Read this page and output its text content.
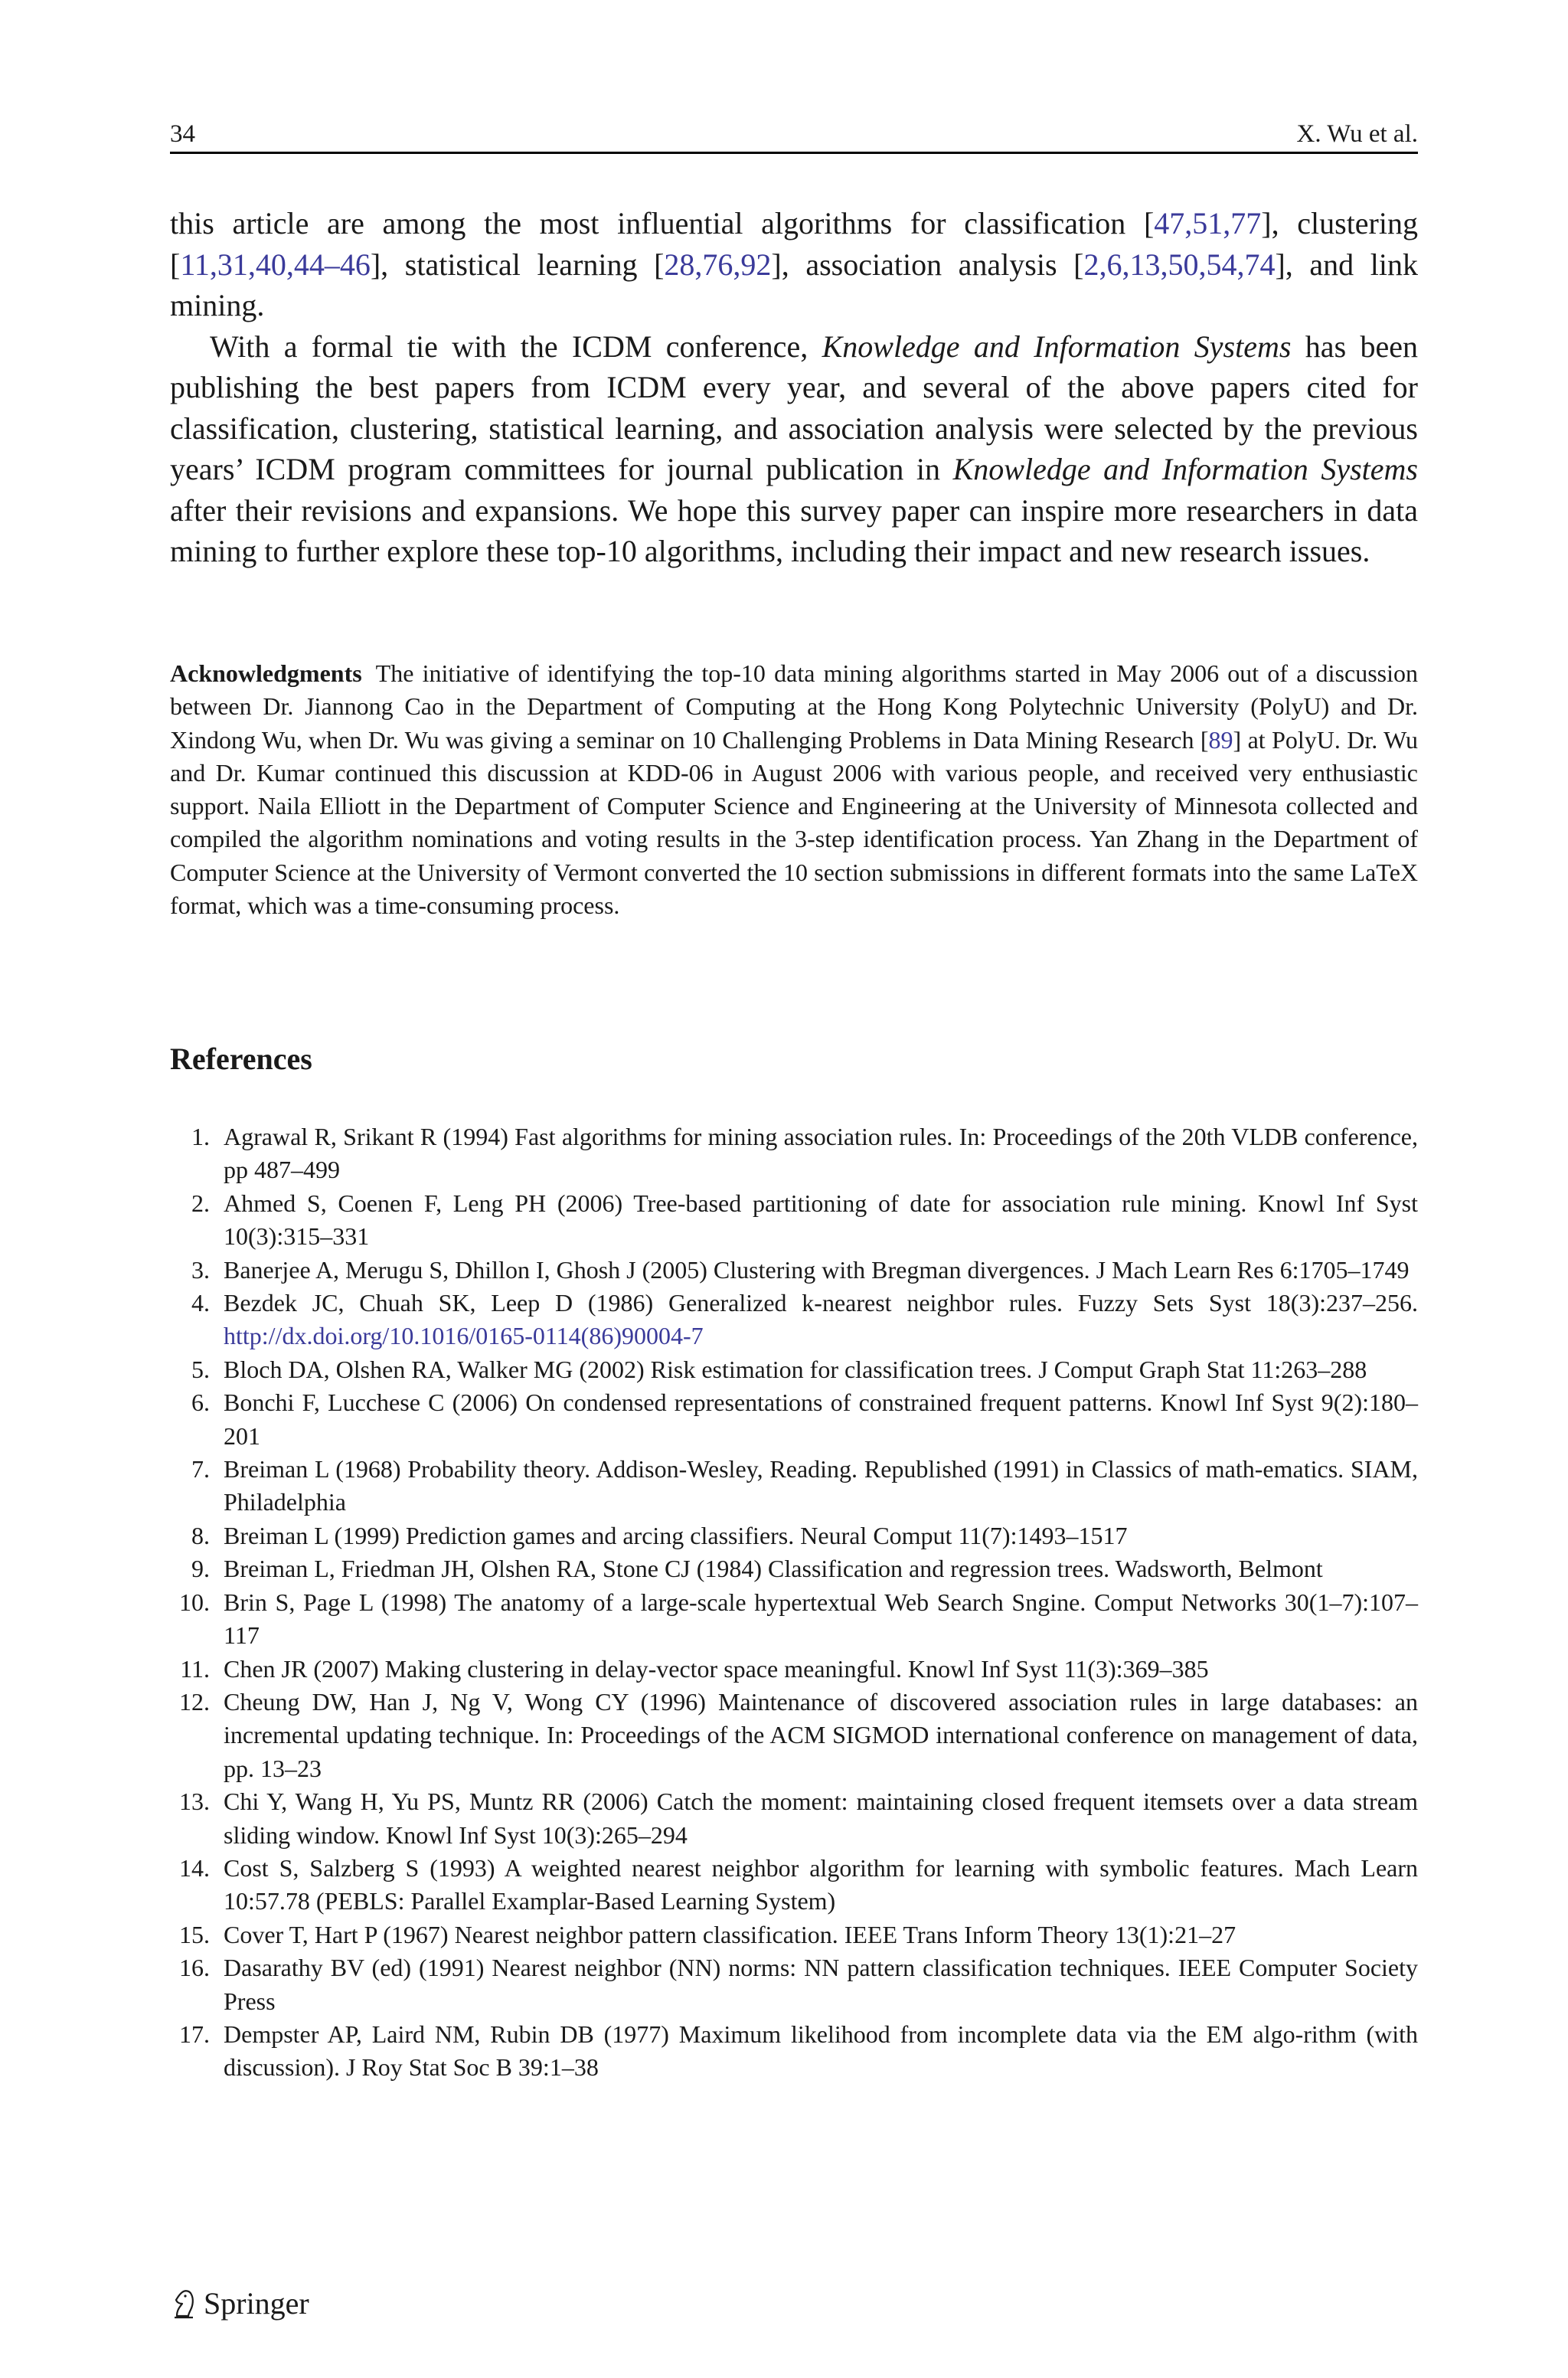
34	X. Wu et al.

this article are among the most influential algorithms for classification [47,51,77], clustering [11,31,40,44–46], statistical learning [28,76,92], association analysis [2,6,13,50,54,74], and link mining.

With a formal tie with the ICDM conference, Knowledge and Information Systems has been publishing the best papers from ICDM every year, and several of the above papers cited for classification, clustering, statistical learning, and association analysis were selected by the previous years’ ICDM program committees for journal publication in Knowledge and Information Systems after their revisions and expansions. We hope this survey paper can inspire more researchers in data mining to further explore these top-10 algorithms, including their impact and new research issues.

Acknowledgments The initiative of identifying the top-10 data mining algorithms started in May 2006 out of a discussion between Dr. Jiannong Cao in the Department of Computing at the Hong Kong Polytechnic University (PolyU) and Dr. Xindong Wu, when Dr. Wu was giving a seminar on 10 Challenging Problems in Data Mining Research [89] at PolyU. Dr. Wu and Dr. Kumar continued this discussion at KDD-06 in August 2006 with various people, and received very enthusiastic support. Naila Elliott in the Department of Computer Science and Engineering at the University of Minnesota collected and compiled the algorithm nominations and voting results in the 3-step identification process. Yan Zhang in the Department of Computer Science at the University of Vermont converted the 10 section submissions in different formats into the same LaTeX format, which was a time-consuming process.
References
1. Agrawal R, Srikant R (1994) Fast algorithms for mining association rules. In: Proceedings of the 20th VLDB conference, pp 487–499
2. Ahmed S, Coenen F, Leng PH (2006) Tree-based partitioning of date for association rule mining. Knowl Inf Syst 10(3):315–331
3. Banerjee A, Merugu S, Dhillon I, Ghosh J (2005) Clustering with Bregman divergences. J Mach Learn Res 6:1705–1749
4. Bezdek JC, Chuah SK, Leep D (1986) Generalized k-nearest neighbor rules. Fuzzy Sets Syst 18(3):237–256. http://dx.doi.org/10.1016/0165-0114(86)90004-7
5. Bloch DA, Olshen RA, Walker MG (2002) Risk estimation for classification trees. J Comput Graph Stat 11:263–288
6. Bonchi F, Lucchese C (2006) On condensed representations of constrained frequent patterns. Knowl Inf Syst 9(2):180–201
7. Breiman L (1968) Probability theory. Addison-Wesley, Reading. Republished (1991) in Classics of math-ematics. SIAM, Philadelphia
8. Breiman L (1999) Prediction games and arcing classifiers. Neural Comput 11(7):1493–1517
9. Breiman L, Friedman JH, Olshen RA, Stone CJ (1984) Classification and regression trees. Wadsworth, Belmont
10. Brin S, Page L (1998) The anatomy of a large-scale hypertextual Web Search Sngine. Comput Networks 30(1–7):107–117
11. Chen JR (2007) Making clustering in delay-vector space meaningful. Knowl Inf Syst 11(3):369–385
12. Cheung DW, Han J, Ng V, Wong CY (1996) Maintenance of discovered association rules in large databases: an incremental updating technique. In: Proceedings of the ACM SIGMOD international conference on management of data, pp. 13–23
13. Chi Y, Wang H, Yu PS, Muntz RR (2006) Catch the moment: maintaining closed frequent itemsets over a data stream sliding window. Knowl Inf Syst 10(3):265–294
14. Cost S, Salzberg S (1993) A weighted nearest neighbor algorithm for learning with symbolic features. Mach Learn 10:57.78 (PEBLS: Parallel Examplar-Based Learning System)
15. Cover T, Hart P (1967) Nearest neighbor pattern classification. IEEE Trans Inform Theory 13(1):21–27
16. Dasarathy BV (ed) (1991) Nearest neighbor (NN) norms: NN pattern classification techniques. IEEE Computer Society Press
17. Dempster AP, Laird NM, Rubin DB (1977) Maximum likelihood from incomplete data via the EM algo-rithm (with discussion). J Roy Stat Soc B 39:1–38
Springer
